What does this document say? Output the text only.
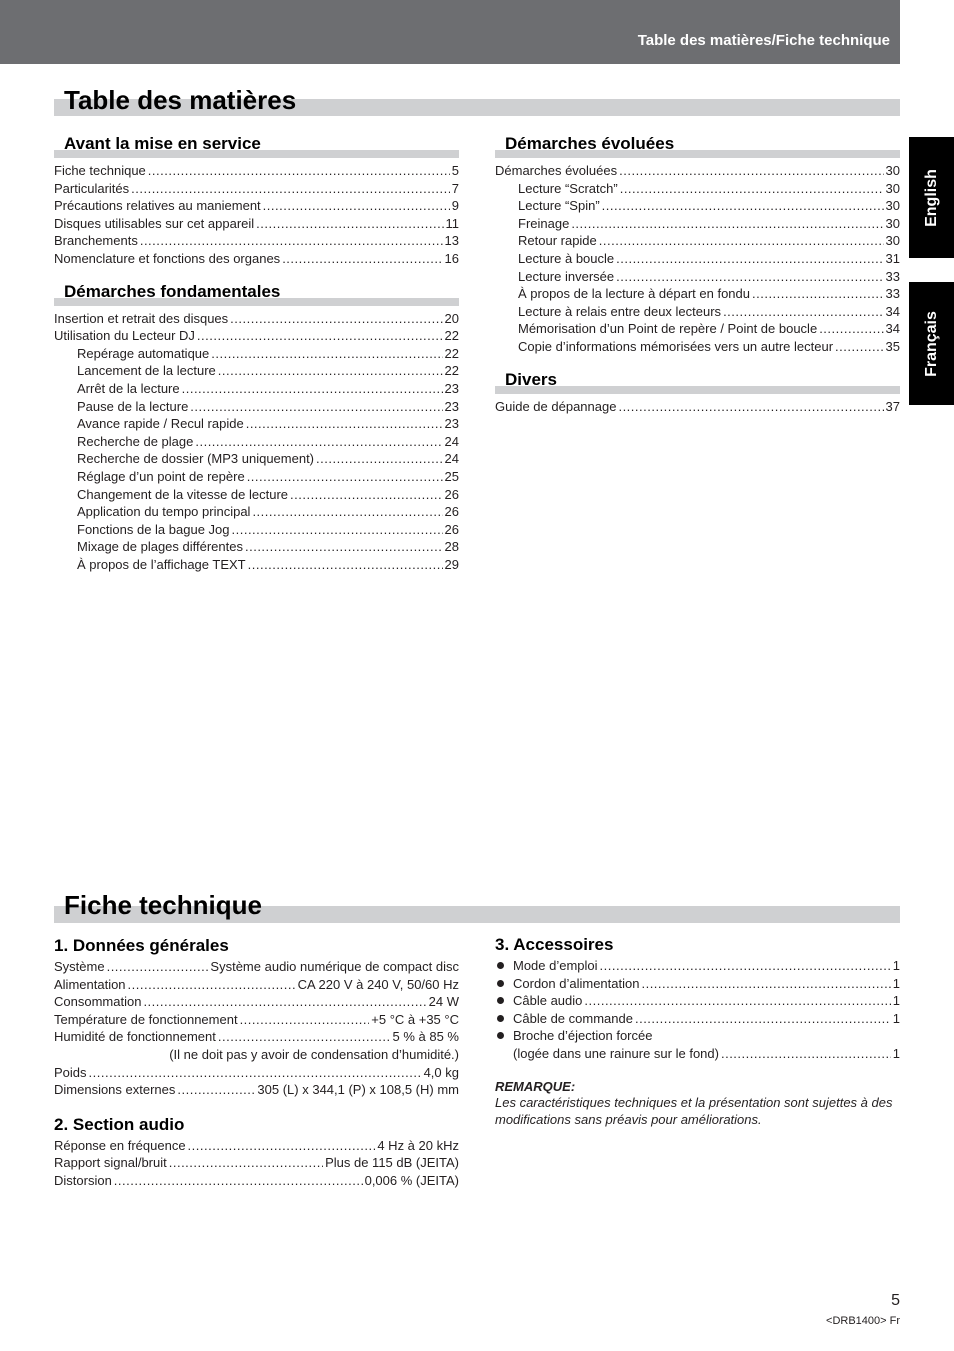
Table des matières/Fiche technique
English
Français
Table des matières
Avant la mise en service
Fiche technique .....	5
Particularités .....	7
Précautions relatives au maniement .....	9
Disques utilisables sur cet appareil .....	11
Branchements .....	13
Nomenclature et fonctions des organes .....	16
Démarches fondamentales
Insertion et retrait des disques .....	20
Utilisation du Lecteur DJ .....	22
Repérage automatique .....	22
Lancement de la lecture .....	22
Arrêt de la lecture .....	23
Pause de la lecture .....	23
Avance rapide / Recul rapide .....	23
Recherche de plage .....	24
Recherche de dossier (MP3 uniquement) .....	24
Réglage d’un point de repère .....	25
Changement de la vitesse de lecture .....	26
Application du tempo principal .....	26
Fonctions de la bague Jog .....	26
Mixage de plages différentes .....	28
À propos de l’affichage TEXT .....	29
Démarches évoluées
Démarches évoluées .....	30
Lecture “Scratch” .....	30
Lecture “Spin” .....	30
Freinage .....	30
Retour rapide .....	30
Lecture à boucle .....	31
Lecture inversée .....	33
À propos de la lecture à départ en fondu .....	33
Lecture à relais entre deux lecteurs .....	34
Mémorisation d’un Point de repère / Point de boucle .....	34
Copie d’informations mémorisées vers un autre lecteur .....	35
Divers
Guide de dépannage .....	37
Fiche technique
1. Données générales
Système .....	Système audio numérique de compact disc
Alimentation .....	CA 220 V à 240 V, 50/60 Hz
Consommation .....	24 W
Température de fonctionnement .....	+5 °C à +35 °C
Humidité de fonctionnement .....	5 % à 85 %
(Il ne doit pas y avoir de condensation d’humidité.)
Poids .....	4,0 kg
Dimensions externes .....	305 (L) x 344,1 (P) x 108,5 (H) mm
2. Section audio
Réponse en fréquence .....	4 Hz à 20 kHz
Rapport signal/bruit .....	Plus de 115 dB (JEITA)
Distorsion .....	0,006 % (JEITA)
3. Accessoires
Mode d’emploi .....	1
Cordon d’alimentation .....	1
Câble audio .....	1
Câble de commande .....	1
Broche d’éjection forcée
(logée dans une rainure sur le fond) .....	1

REMARQUE:

Les caractéristiques techniques et la présentation sont sujettes à des modifications sans préavis pour améliorations.

5
<DRB1400> Fr
